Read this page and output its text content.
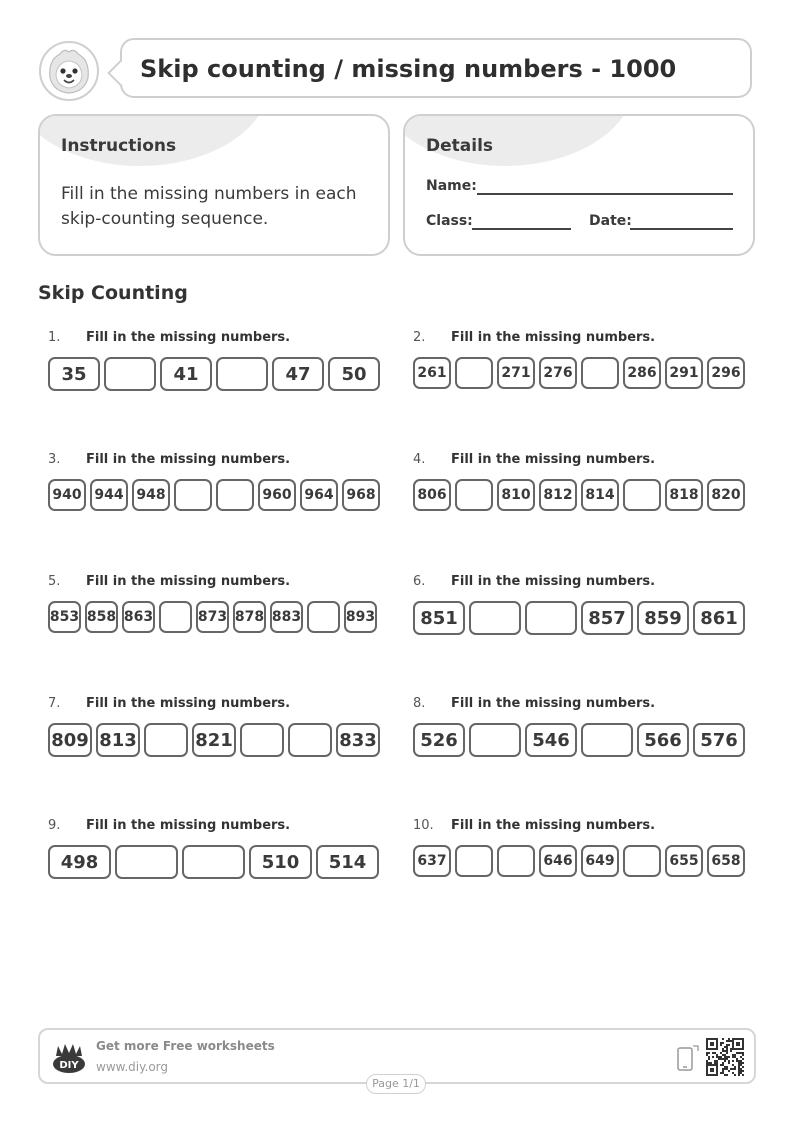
Skip counting / missing numbers - 1000
Instructions
Fill in the missing numbers in each skip-counting sequence.
Details
Name:
Class:	Date:
Skip Counting
DIY
Get more Free worksheets
www.diy.org
Page 1/1
1. Fill in the missing numbers.
35	41	47	50
2. Fill in the missing numbers.
261	271 276	286 291 296
3. Fill in the missing numbers.
940 944 948	960 964 968
4. Fill in the missing numbers.
806	810 812 814	818 820
5. Fill in the missing numbers.
853 858 863	873 878 883	893
6. Fill in the missing numbers.
851	857	859	861
7. Fill in the missing numbers.
809 813	821	833
8. Fill in the missing numbers.
526	546	566	576
9. Fill in the missing numbers.
498	510	514
10. Fill in the missing numbers.
637	646 649	655 658
